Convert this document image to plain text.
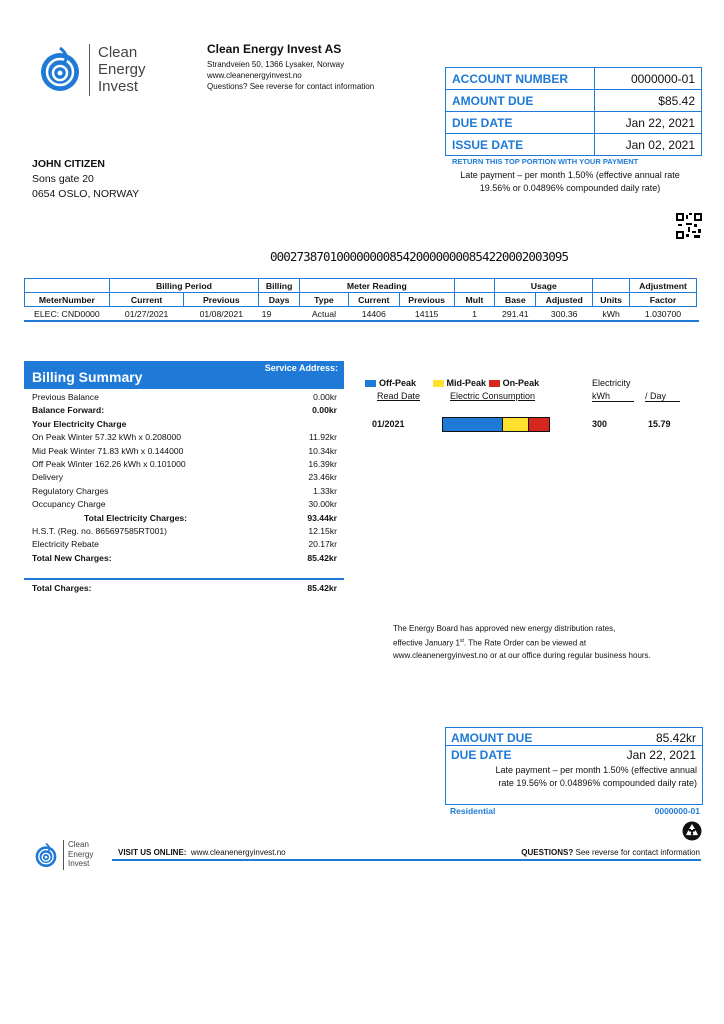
Clean
Energy
Invest
Clean Energy Invest AS
Strandveien 50, 1366 Lysaker, Norway
www.cleanenergyinvest.no
Questions? See reverse for contact information
ACCOUNT NUMBER	0000000-01
AMOUNT DUE	$85.42
DUE DATE	Jan 22, 2021
ISSUE DATE	Jan 02, 2021
RETURN THIS TOP PORTION WITH YOUR PAYMENT
Late payment – per month 1.50% (effective annual rate
19.56% or 0.04896% compounded daily rate)
JOHN CITIZEN
Sons gate 20
0654 OSLO, NORWAY
000273870100000000854200000000854220002003095
	Billing Period		Billing	Meter Reading				Usage			Adjustment
MeterNumber	Current	Previous	Days	Type	Current	Previous	Mult	Base	Adjusted	Units	Factor
ELEC: CND0000	01/27/2021	01/08/2021	19	Actual	14406	14115	1	291.41	300.36	kWh	1.030700
Billing Summary
Service Address:
Previous Balance	0.00kr
Balance Forward:	0.00kr
Your Electricity Charge
On Peak Winter 57.32 kWh x 0.208000	11.92kr
Mid Peak Winter 71.83 kWh x 0.144000	10.34kr
Off Peak Winter 162.26 kWh x 0.101000	16.39kr
Delivery	23.46kr
Regulatory Charges	1.33kr
Occupancy Charge	30.00kr
Total Electricity Charges:	93.44kr
H.S.T. (Reg. no. 865697585RT001)	12.15kr
Electricity Rebate	20.17kr
Total New Charges:	85.42kr
Total Charges:	85.42kr
Off-Peak	Mid-Peak On-Peak	Electricity
Read Date	Electric Consumption	kWh	/ Day
01/2021	300	15.79
The Energy Board has approved new energy distribution rates,
effective January 1st. The Rate Order can be viewed at
www.cleanenergyinvest.no or at our office during regular business hours.
AMOUNT DUE	85.42kr
DUE DATE	Jan 22, 2021
Late payment – per month 1.50% (effective annual
rate 19.56% or 0.04896% compounded daily rate)
Residential	0000000-01
Clean
Energy
Invest
VISIT US ONLINE: www.cleanenergyinvest.no	QUESTIONS? See reverse for contact information
